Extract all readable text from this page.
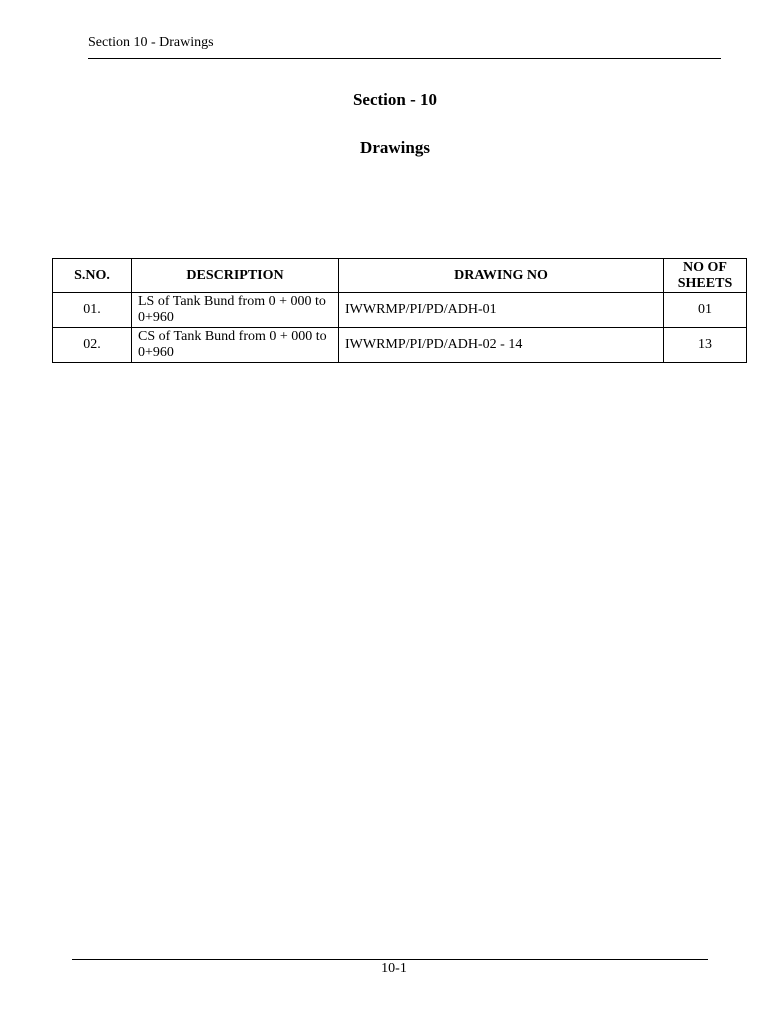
Section 10 - Drawings
Section - 10
Drawings
S.NO.	DESCRIPTION	DRAWING NO	NO OF SHEETS
01.	LS of Tank Bund from 0 + 000 to 0+960	IWWRMP/PI/PD/ADH-01	01
02.	CS of Tank Bund from 0 + 000 to 0+960	IWWRMP/PI/PD/ADH-02 - 14	13
10-1
